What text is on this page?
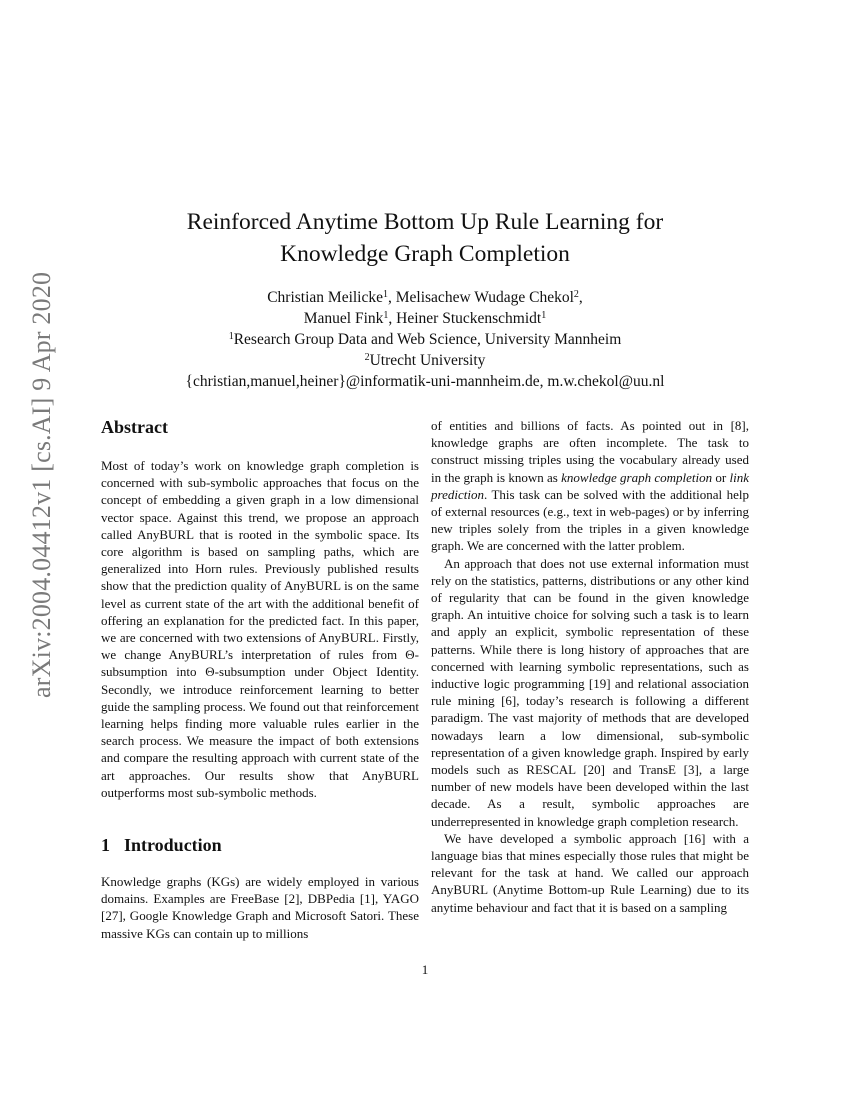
arXiv:2004.04412v1 [cs.AI] 9 Apr 2020
Reinforced Anytime Bottom Up Rule Learning for
Knowledge Graph Completion
Christian Meilicke$^1$, Melisachew Wudage Chekol$^2$,
Manuel Fink$^1$, Heiner Stuckenschmidt$^1$
$^1$Research Group Data and Web Science, University Mannheim
$^2$Utrecht University
{christian,manuel,heiner}@informatik-uni-mannheim.de, m.w.chekol@uu.nl
Abstract

Most of today’s work on knowledge graph completion is concerned with sub-symbolic approaches that focus on the concept of embedding a given graph in a low dimensional vector space. Against this trend, we propose an approach called AnyBURL that is rooted in the symbolic space. Its core algorithm is based on sampling paths, which are generalized into Horn rules. Previously published results show that the prediction quality of AnyBURL is on the same level as current state of the art with the additional benefit of offering an explanation for the predicted fact. In this paper, we are concerned with two extensions of AnyBURL. Firstly, we change AnyBURL’s interpretation of rules from Θ-subsumption into Θ-subsumption under Object Identity. Secondly, we introduce reinforcement learning to better guide the sampling process. We found out that reinforcement learning helps finding more valuable rules earlier in the search process. We measure the impact of both extensions and compare the resulting approach with current state of the art approaches. Our results show that AnyBURL outperforms most sub-symbolic methods.

1 Introduction

Knowledge graphs (KGs) are widely employed in various domains. Examples are FreeBase [2], DBPedia [1], YAGO [27], Google Knowledge Graph and Microsoft Satori. These massive KGs can contain up to millions

of entities and billions of facts. As pointed out in [8], knowledge graphs are often incomplete. The task to construct missing triples using the vocabulary already used in the graph is known as knowledge graph completion or link prediction. This task can be solved with the additional help of external resources (e.g., text in web-pages) or by inferring new triples solely from the triples in a given knowledge graph. We are concerned with the latter problem.

An approach that does not use external information must rely on the statistics, patterns, distributions or any other kind of regularity that can be found in the given knowledge graph. An intuitive choice for solving such a task is to learn and apply an explicit, symbolic representation of these patterns. While there is long history of approaches that are concerned with learning symbolic representations, such as inductive logic programming [19] and relational association rule mining [6], today’s research is following a different paradigm. The vast majority of methods that are developed nowadays learn a low dimensional, sub-symbolic representation of a given knowledge graph. Inspired by early models such as RESCAL [20] and TransE [3], a large number of new models have been developed within the last decade. As a result, symbolic approaches are underrepresented in knowledge graph completion research.

We have developed a symbolic approach [16] with a language bias that mines especially those rules that might be relevant for the task at hand. We called our approach AnyBURL (Anytime Bottom-up Rule Learning) due to its anytime behaviour and fact that it is based on a sampling

1
